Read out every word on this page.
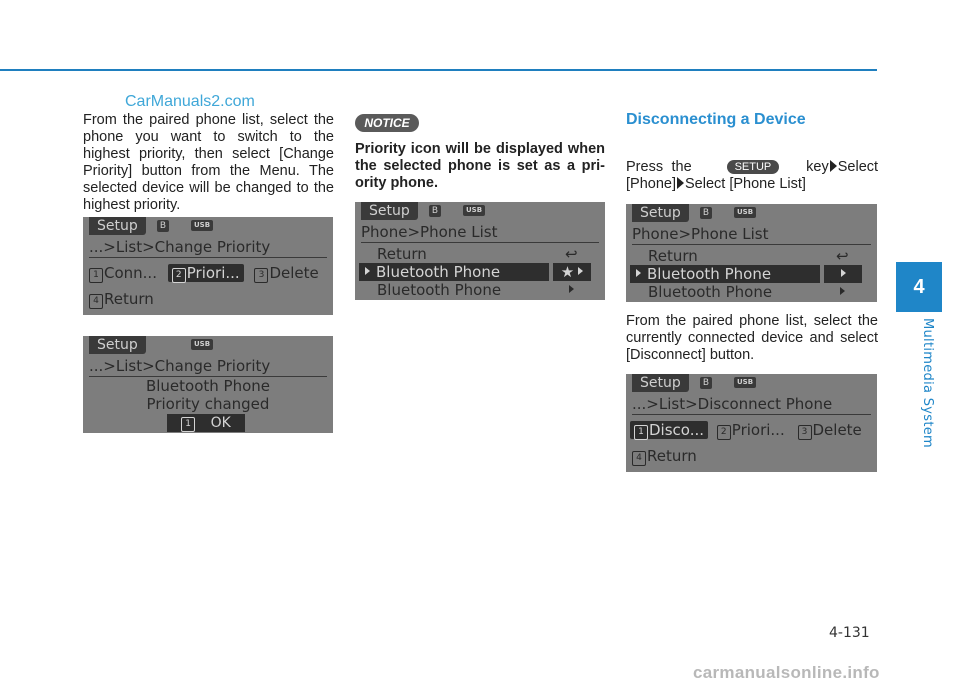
CarManuals2.com
From the paired phone list, select the phone you want to switch to the highest priority, then select [Change Priority] button from the Menu. The selected device will be changed to the highest priority.
Setup	B	USB
...>List>Change Priority
1 Conn... 2 Priori... 3 Delete
4 Return
Setup	USB
...>List>Change Priority
Bluetooth Phone
Priority changed
1 OK
NOTICE
Priority icon will be displayed when the selected phone is set as a pri-ority phone.
Setup	B	USB
Phone>Phone List
Return	↩
Bluetooth Phone	★
Bluetooth Phone
Disconnecting a Device
Press the	SETUP key Select [Phone] Select [Phone List]
Setup	B	USB
Phone>Phone List
Return	↩
Bluetooth Phone
Bluetooth Phone
From the paired phone list, select the currently connected device and select [Disconnect] button.
Setup	B	USB
...>List>Disconnect Phone
1 Disco... 2 Priori... 3 Delete
4 Return
4
Multimedia System
4-131
carmanualsonline.info
